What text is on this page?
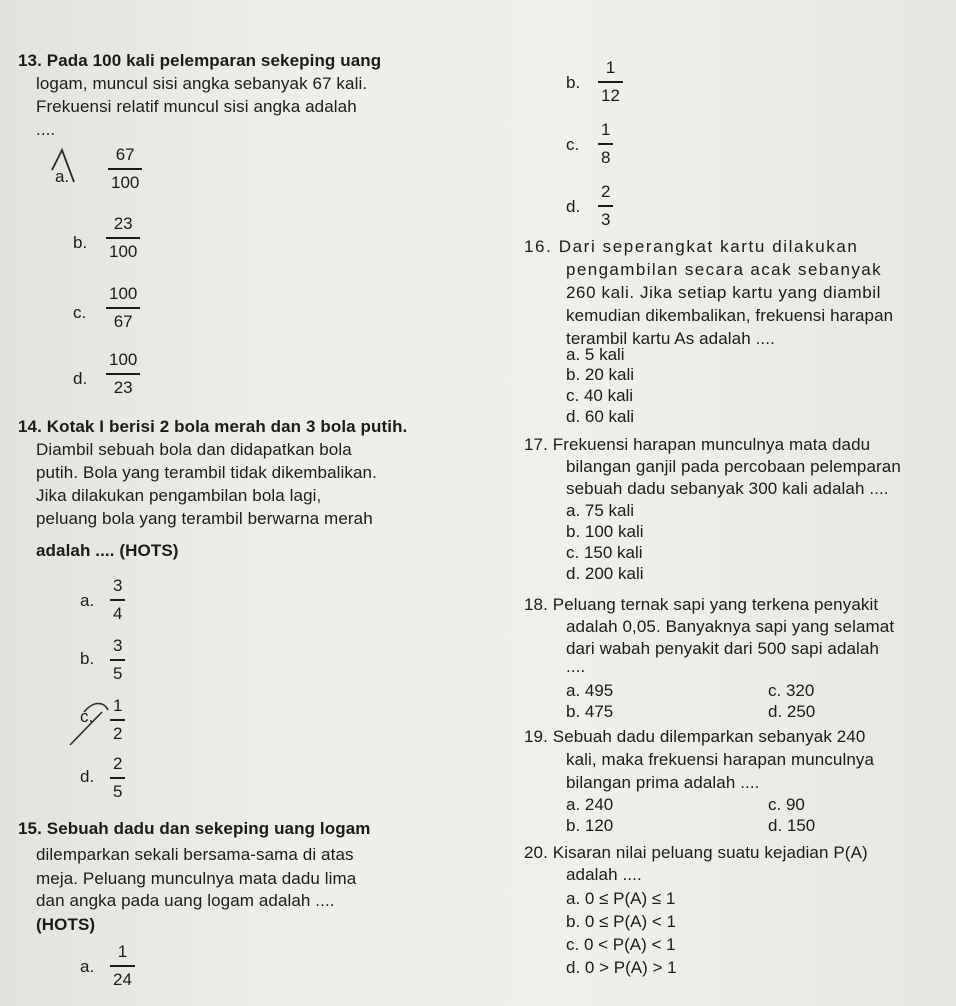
13. Pada 100 kali pelemparan sekeping uang
logam, muncul sisi angka sebanyak 67 kali.
Frekuensi relatif muncul sisi angka adalah
....
a.
67
100
b.
23
100
c.
100
67
d.
100
23
14. Kotak I berisi 2 bola merah dan 3 bola putih.
Diambil sebuah bola dan didapatkan bola
putih. Bola yang terambil tidak dikembalikan.
Jika dilakukan pengambilan bola lagi,
peluang bola yang terambil berwarna merah
adalah .... (HOTS)
a.
3
4
b.
3
5
c.
1
2
d.
2
5
15. Sebuah dadu dan sekeping uang logam
dilemparkan sekali bersama-sama di atas
meja. Peluang munculnya mata dadu lima
dan angka pada uang logam adalah ....
(HOTS)
a.
1
24
b.
1
12
c.
1
8
d.
2
3
16. Dari seperangkat kartu dilakukan
pengambilan secara acak sebanyak
260 kali. Jika setiap kartu yang diambil
kemudian dikembalikan, frekuensi harapan
terambil kartu As adalah ....
a. 5 kali
b. 20 kali
c. 40 kali
d. 60 kali
17. Frekuensi harapan munculnya mata dadu
bilangan ganjil pada percobaan pelemparan
sebuah dadu sebanyak 300 kali adalah ....
a. 75 kali
b. 100 kali
c. 150 kali
d. 200 kali
18. Peluang ternak sapi yang terkena penyakit
adalah 0,05. Banyaknya sapi yang selamat
dari wabah penyakit dari 500 sapi adalah
....
a. 495	c. 320
b. 475	d. 250
19. Sebuah dadu dilemparkan sebanyak 240
kali, maka frekuensi harapan munculnya
bilangan prima adalah ....
a. 240	c. 90
b. 120	d. 150
20. Kisaran nilai peluang suatu kejadian P(A)
adalah ....
a. 0 ≤ P(A) ≤ 1
b. 0 ≤ P(A) < 1
c. 0 < P(A) < 1
d. 0 > P(A) > 1
